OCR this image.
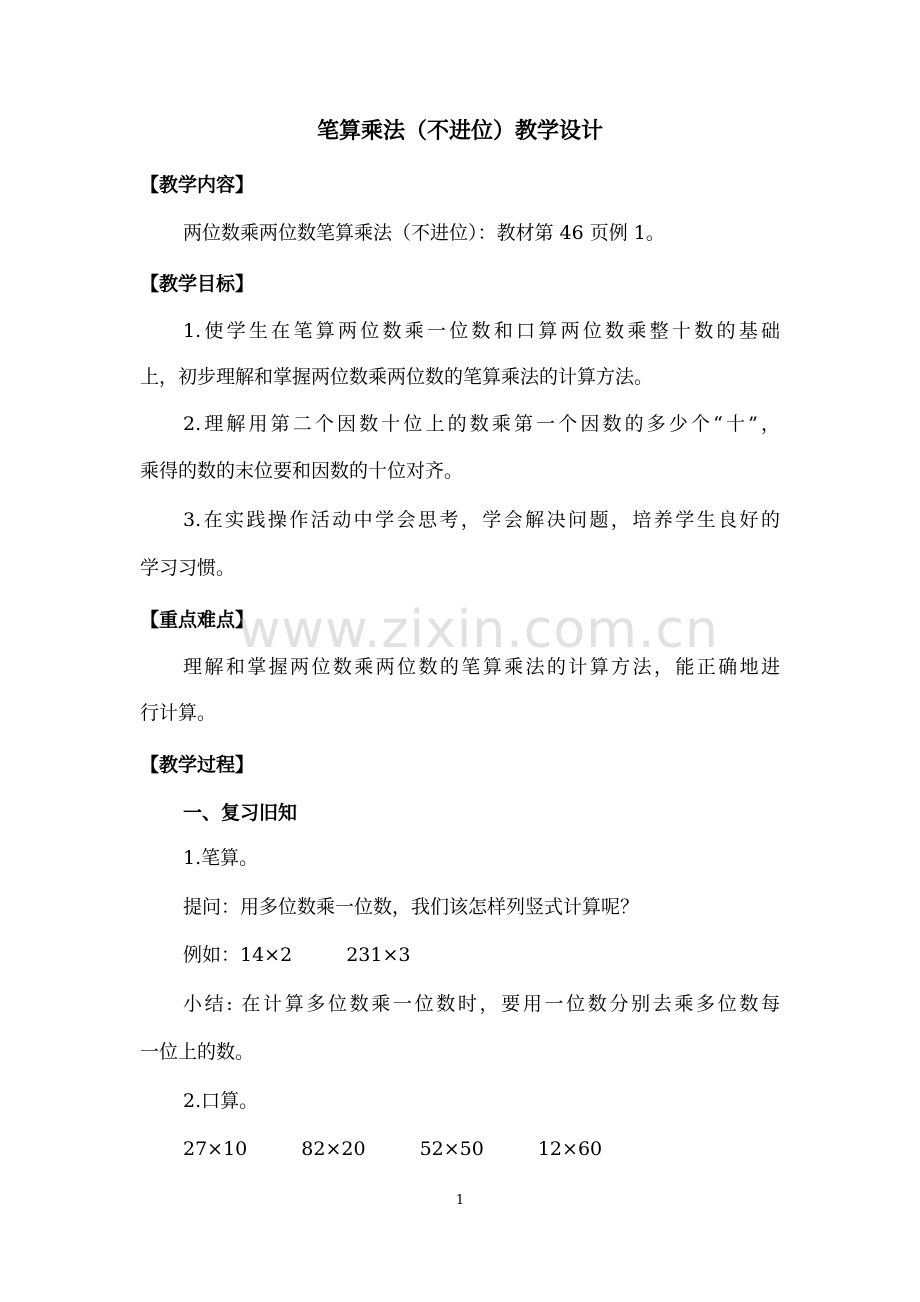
笔算乘法（不进位）教学设计
【教学内容】
两位数乘两位数笔算乘法（不进位）：教材第 46 页例 1。
【教学目标】
1.使学生在笔算两位数乘一位数和口算两位数乘整十数的基础
上，初步理解和掌握两位数乘两位数的笔算乘法的计算方法。
2.理解用第二个因数十位上的数乘第一个因数的多少个“十”，
乘得的数的末位要和因数的十位对齐。
3.在实践操作活动中学会思考，学会解决问题，培养学生良好的
学习习惯。
【重点难点】
理解和掌握两位数乘两位数的笔算乘法的计算方法，能正确地进
行计算。
【教学过程】
一、复习旧知
1.笔算。
提问：用多位数乘一位数，我们该怎样列竖式计算呢？
例如：14×2	231×3
小结: 在计算多位数乘一位数时，要用一位数分别去乘多位数每
一位上的数。
2.口算。
27×10	82×20	52×50	12×60
www.zixin.com.cn
1
